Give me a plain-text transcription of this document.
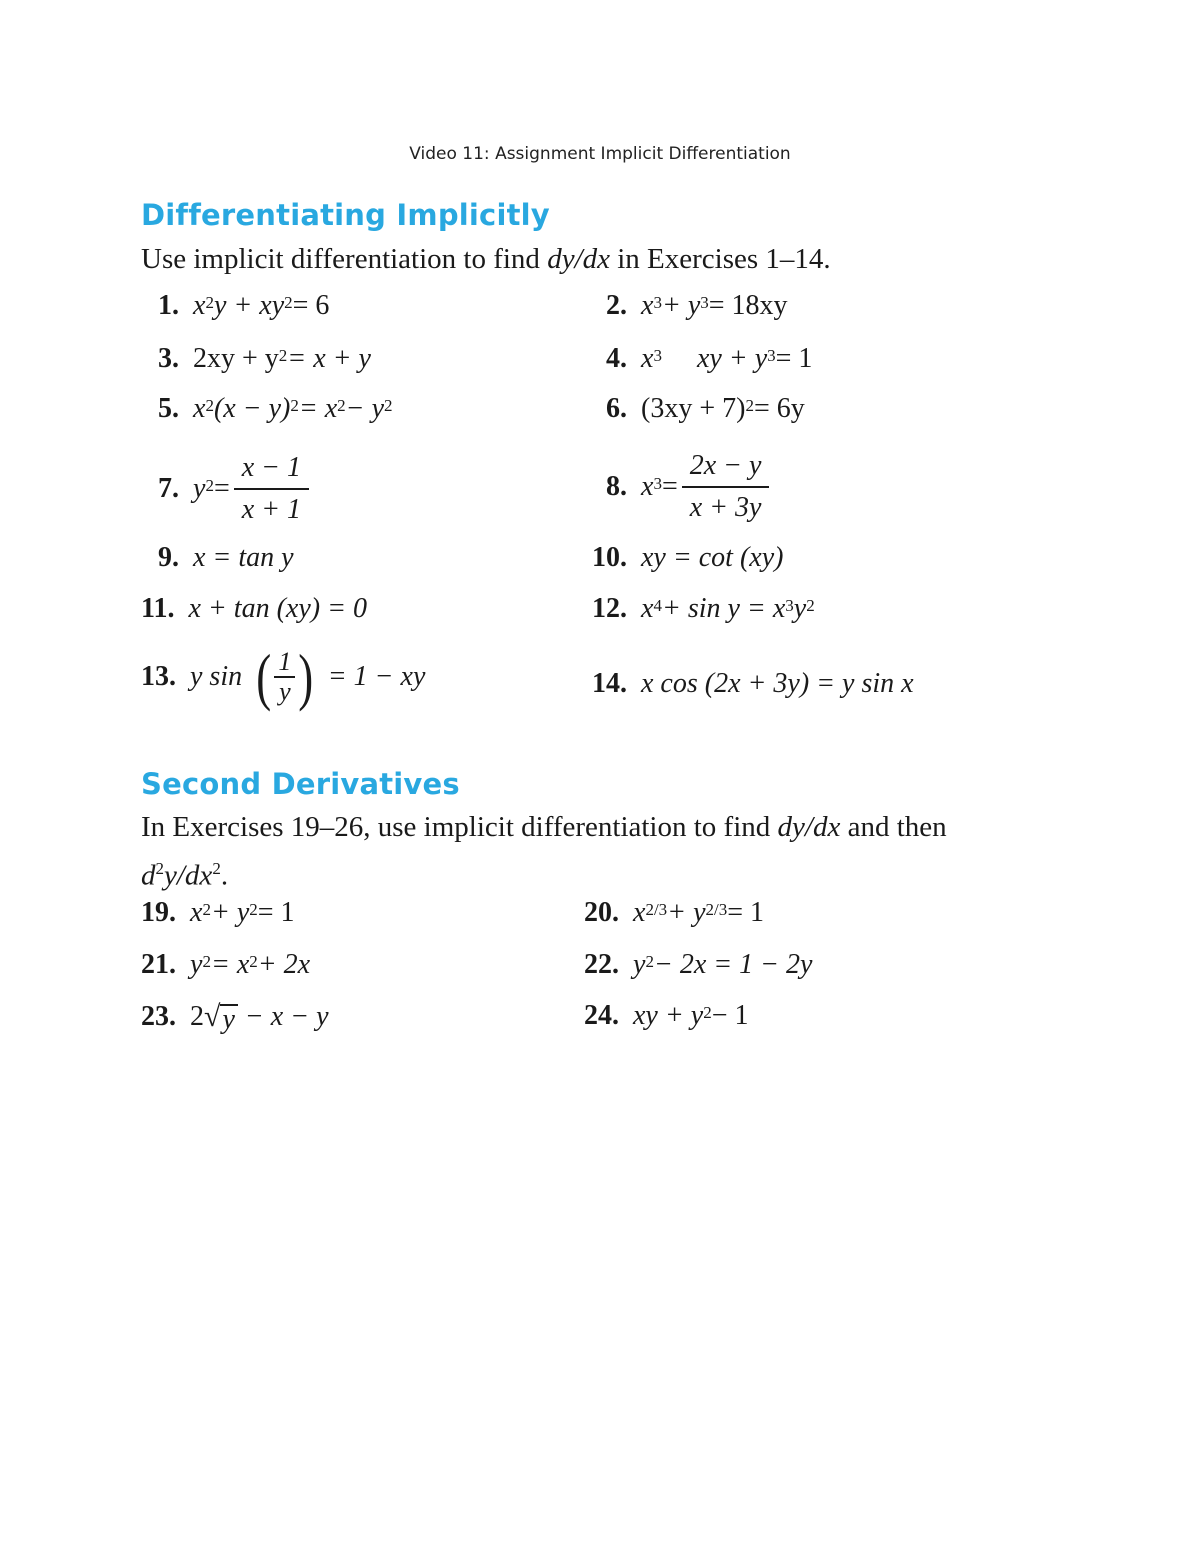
Video 11: Assignment Implicit Differentiation
Differentiating Implicitly
Use implicit differentiation to find dy/dx in Exercises 1–14.
1. $x^2$ $y + xy^2 = 6$	2. $x^3 + y^3 = 18xy$
3. $2xy + y^2 = x + y$	4. $x^3$ xy + $y^3 = 1$
5. $x^2$ $(x - y)^2 = x^2 - y^2$	6. $(3xy + 7)^2 = 6y$
7. $y^2 = \frac{x - 1}{x + 1}$	8. $x^3 = \frac{2x - y}{x + 3y}$
9. x = tan y	10. xy = cot (xy)
11. x + tan (xy) = 0	12. $x^4 + \sin y = x^3$ $y^2$
13. y sin ( $\frac{1}{y}$ ) = 1 − xy	14. x cos (2x + 3y) = y sin x
Second Derivatives
In Exercises 19–26, use implicit differentiation to find dy/dx and then
$d^2y/dx^2$.
19. $x^2 + y^2 = 1$	20. $x^{2/3} + y^{2/3} = 1$
21. $y^2 = x^2 + 2x$	22. $y^2 - 2x = 1 - 2y$
23. 2 √ y − x − y	24. xy + $y^2 - 1$
